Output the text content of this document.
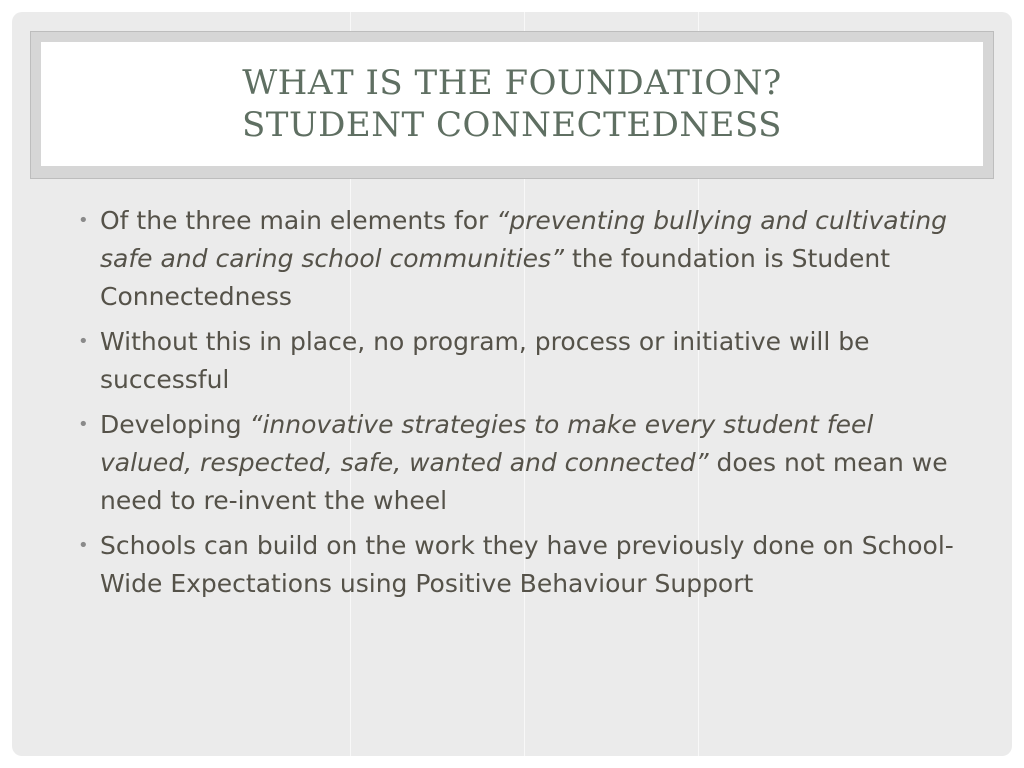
WHAT IS THE FOUNDATION?
STUDENT CONNECTEDNESS
• Of the three main elements for “preventing bullying and cultivating safe and caring school communities” the foundation is Student Connectedness
• Without this in place, no program, process or initiative will be successful
• Developing “innovative strategies to make every student feel valued, respected, safe, wanted and connected” does not mean we need to re-invent the wheel
• Schools can build on the work they have previously done on School-Wide Expectations using Positive Behaviour Support
